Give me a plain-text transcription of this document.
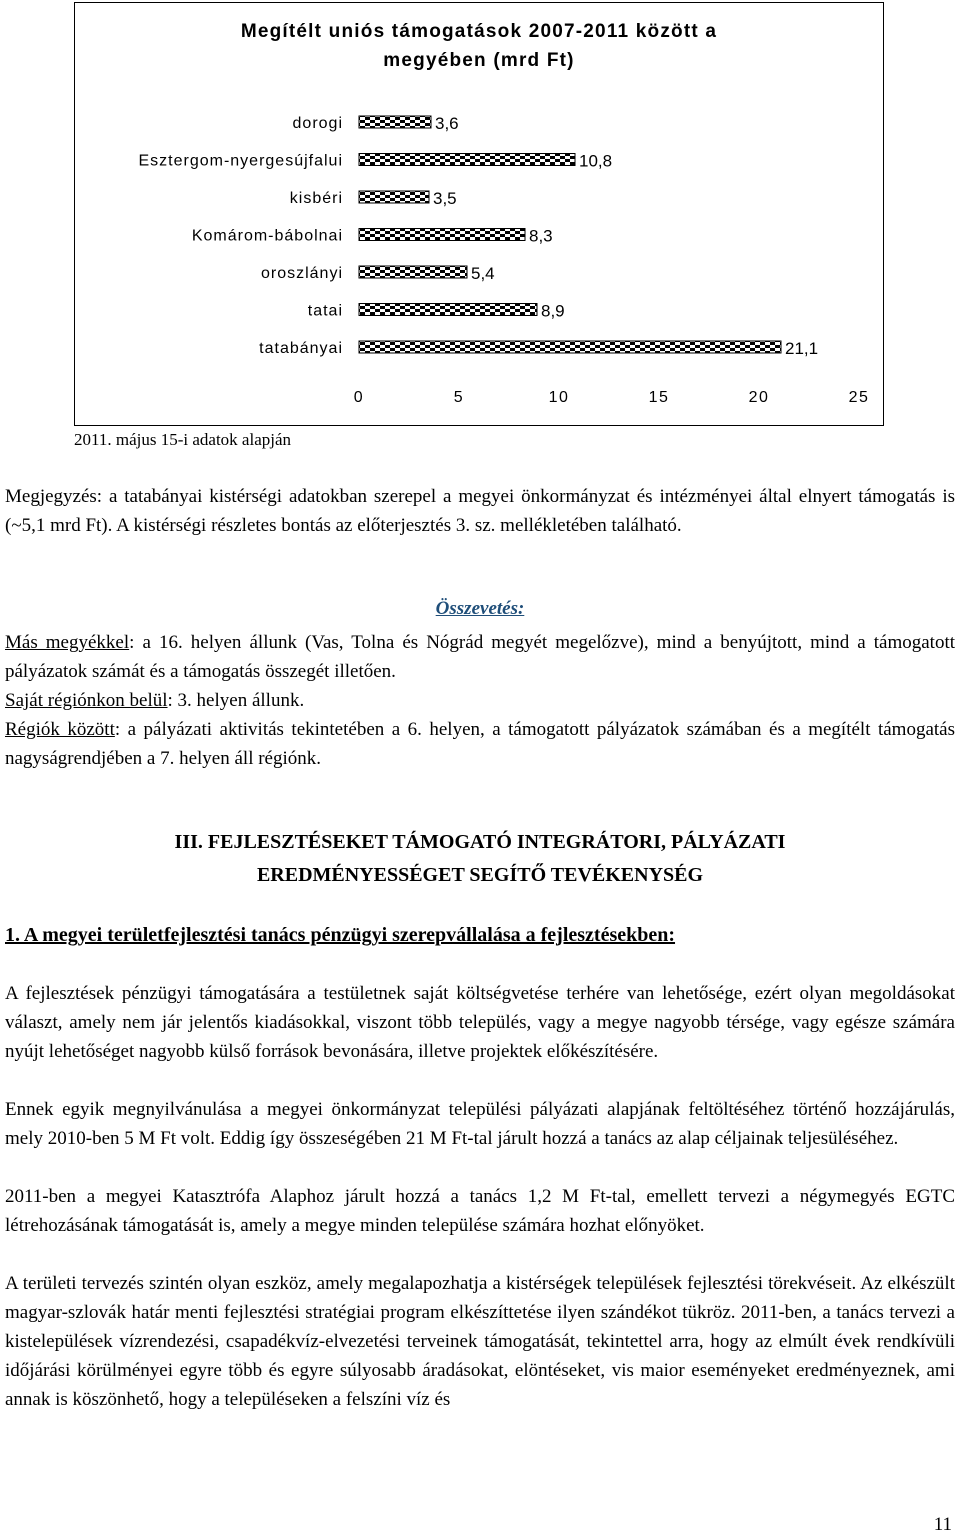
Megítélt uniós támogatások 2007-2011 között a
megyében (mrd Ft)
dorogi	3,6
Esztergom-nyergesújfalui	10,8
kisbéri	3,5
Komárom-bábolnai	8,3
oroszlányi	5,4
tatai	8,9
tatabányai	21,1
0	5	10	15	20	25
2011. május 15-i adatok alapján
Megjegyzés: a tatabányai kistérségi adatokban szerepel a megyei önkormányzat és intézményei által elnyert támogatás is (~5,1 mrd Ft). A kistérségi részletes bontás az előterjesztés 3. sz. mellékletében található.
Összevetés:
Más megyékkel: a 16. helyen állunk (Vas, Tolna és Nógrád megyét megelőzve), mind a benyújtott, mind a támogatott pályázatok számát és a támogatás összegét illetően.
Saját régiónkon belül: 3. helyen állunk.
Régiók között: a pályázati aktivitás tekintetében a 6. helyen, a támogatott pályázatok számában és a megítélt támogatás nagyságrendjében a 7. helyen áll régiónk.
III. FEJLESZTÉSEKET TÁMOGATÓ INTEGRÁTORI, PÁLYÁZATI
EREDMÉNYESSÉGET SEGÍTŐ TEVÉKENYSÉG
1. A megyei területfejlesztési tanács pénzügyi szerepvállalása a fejlesztésekben:
A fejlesztések pénzügyi támogatására a testületnek saját költségvetése terhére van lehetősége, ezért olyan megoldásokat választ, amely nem jár jelentős kiadásokkal, viszont több település, vagy a megye nagyobb térsége, vagy egésze számára nyújt lehetőséget nagyobb külső források bevonására, illetve projektek előkészítésére.
Ennek egyik megnyilvánulása a megyei önkormányzat települési pályázati alapjának feltöltéséhez történő hozzájárulás, mely 2010-ben 5 M Ft volt. Eddig így összeségében 21 M Ft-tal járult hozzá a tanács az alap céljainak teljesüléséhez.
2011-ben a megyei Katasztrófa Alaphoz járult hozzá a tanács 1,2 M Ft-tal, emellett tervezi a négymegyés EGTC létrehozásának támogatását is, amely a megye minden települése számára hozhat előnyöket.
A területi tervezés szintén olyan eszköz, amely megalapozhatja a kistérségek települések fejlesztési törekvéseit. Az elkészült magyar-szlovák határ menti fejlesztési stratégiai program elkészíttetése ilyen szándékot tükröz. 2011-ben, a tanács tervezi a kistelepülések vízrendezési, csapadékvíz-elvezetési terveinek támogatását, tekintettel arra, hogy az elmúlt évek rendkívüli időjárási körülményei egyre több és egyre súlyosabb áradásokat, elöntéseket, vis maior eseményeket eredményeznek, ami annak is köszönhető, hogy a településeken a felszíni víz és
11
